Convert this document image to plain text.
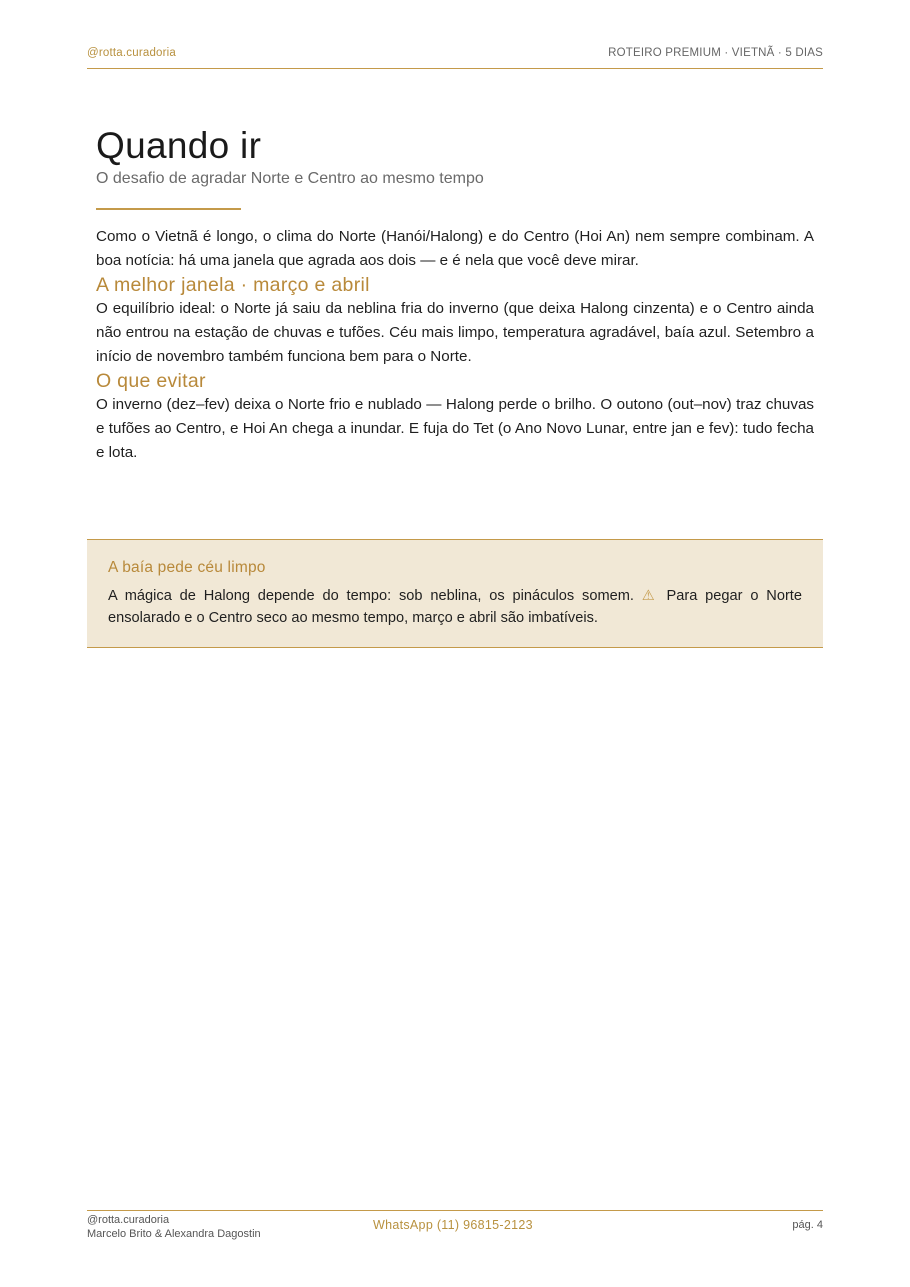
@rotta.curadoria	ROTEIRO PREMIUM · VIETNÃ · 5 DIAS
Quando ir
O desafio de agradar Norte e Centro ao mesmo tempo

Como o Vietnã é longo, o clima do Norte (Hanói/Halong) e do Centro (Hoi An) nem sempre combinam. A boa notícia: há uma janela que agrada aos dois — e é nela que você deve mirar.

A melhor janela · março e abril

O equilíbrio ideal: o Norte já saiu da neblina fria do inverno (que deixa Halong cinzenta) e o Centro ainda não entrou na estação de chuvas e tufões. Céu mais limpo, temperatura agradável, baía azul. Setembro a início de novembro também funciona bem para o Norte.

O que evitar

O inverno (dez–fev) deixa o Norte frio e nublado — Halong perde o brilho. O outono (out–nov) traz chuvas e tufões ao Centro, e Hoi An chega a inundar. E fuja do Tet (o Ano Novo Lunar, entre jan e fev): tudo fecha e lota.

A baía pede céu limpo
A mágica de Halong depende do tempo: sob neblina, os pináculos somem. ⚠ Para pegar o Norte ensolarado e o Centro seco ao mesmo tempo, março e abril são imbatíveis.
@rotta.curadoria
Marcelo Brito & Alexandra Dagostin
WhatsApp (11) 96815-2123	pág. 4
